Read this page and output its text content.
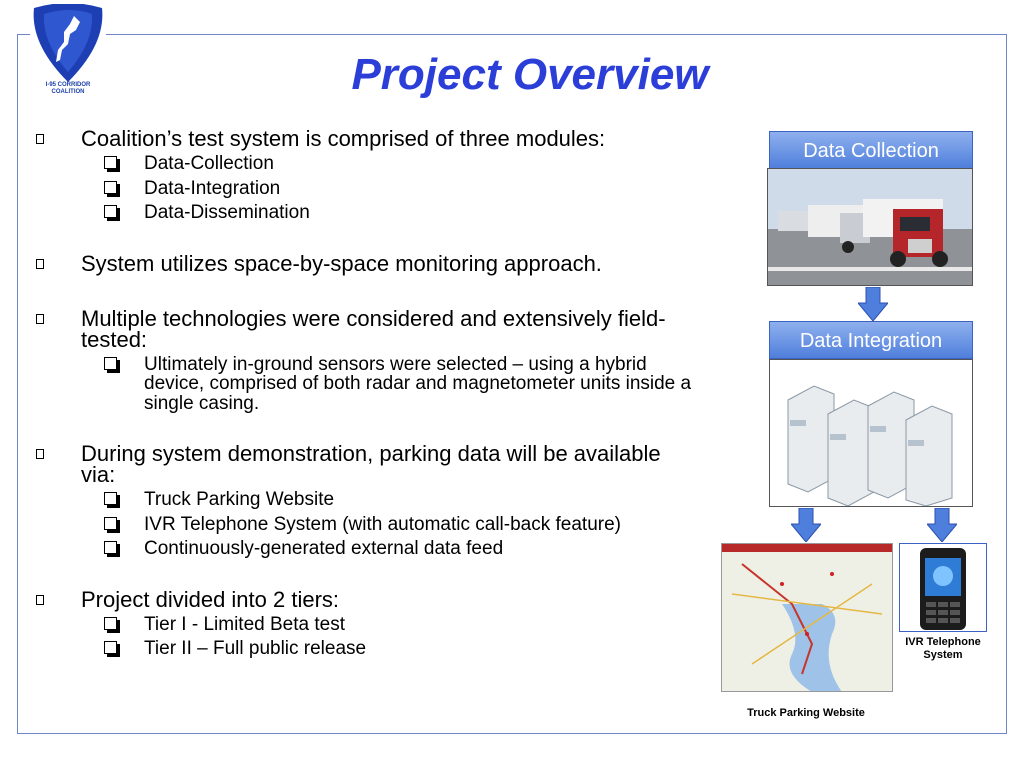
I-95 CORRIDOR COALITION	Project Overview
Coalition’s test system is comprised of three modules:
Data-Collection
Data-Integration
Data-Dissemination
System utilizes space-by-space monitoring approach.
Multiple technologies were considered and extensively field-tested:
Ultimately in-ground sensors were selected – using a hybrid device, comprised of both radar and magnetometer units inside a single casing.
During system demonstration, parking data will be available via:
Truck Parking Website
IVR Telephone System (with automatic call-back feature)
Continuously-generated external data feed
Project divided into 2 tiers:
Tier I - Limited Beta test
Tier II – Full public release
Data Collection
Data Integration
IVR Telephone System
Truck Parking Website
